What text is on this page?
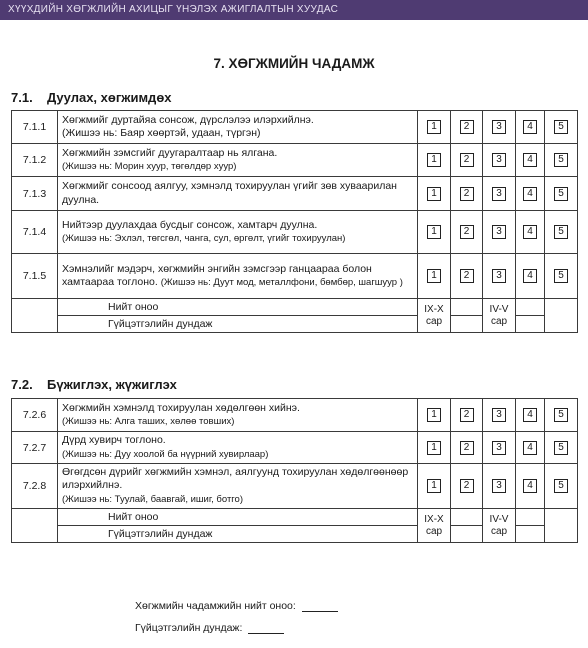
ХҮҮХДИЙН ХӨГЖЛИЙН АХИЦЫГ ҮНЭЛЭХ АЖИГЛАЛТЫН ХУУДАС
7. ХӨГЖМИЙН ЧАДАМЖ
7.1. Дуулах, хөгжимдөх
7.1.1	Хөгжмийг дуртайяа сонсож, дүрслэлээ илэрхийлнэ.
(Жишээ нь: Баяр хөөртэй, удаан, түргэн)	1	2	3	4	5
7.1.2	Хөгжмийн зэмсгийг дуугаралтаар нь ялгана.
(Жишээ нь: Морин хуур, төгөлдөр хуур)	1	2	3	4	5
7.1.3	Хөгжмийг сонсоод аялгуу, хэмнэлд тохируулан үгийг зөв хуваарилан дуулна.	1	2	3	4	5
7.1.4	Нийтээр дуулахдаа бусдыг сонсож, хамтарч дуулна.
(Жишээ нь: Эхлэл, төгсгөл, чанга, сул, өргөлт, үгийг тохируулан)	1	2	3	4	5
7.1.5	Хэмнэлийг мэдэрч, хөгжмийн энгийн зэмсгээр ганцаараа болон хамтаараа тоглоно. (Жишээ нь: Дуут мод, металлфони, бөмбөр, шагшуур )	1	2	3	4	5
	Нийт оноо	IX-X сар		IV-V сар		
	Гүйцэтгэлийн дундаж					
7.2. Бүжиглэх, жүжиглэх
7.2.6	Хөгжмийн хэмнэлд тохируулан хөдөлгөөн хийнэ.
(Жишээ нь: Алга таших, хөлөө товших)	1	2	3	4	5
7.2.7	Дүрд хувирч тоглоно.
(Жишээ нь: Дуу хоолой ба нүүрний хувирлаар)	1	2	3	4	5
7.2.8	Өгөгдсөн дүрийг хөгжмийн хэмнэл, аялгуунд тохируулан хөдөлгөөнөөр илэрхийлнэ.
(Жишээ нь: Туулай, баавгай, ишиг, ботго)	1	2	3	4	5
	Нийт оноо	IX-X сар		IV-V сар		
	Гүйцэтгэлийн дундаж					
Хөгжмийн чадамжийн нийт оноо:
Гүйцэтгэлийн дундаж:
